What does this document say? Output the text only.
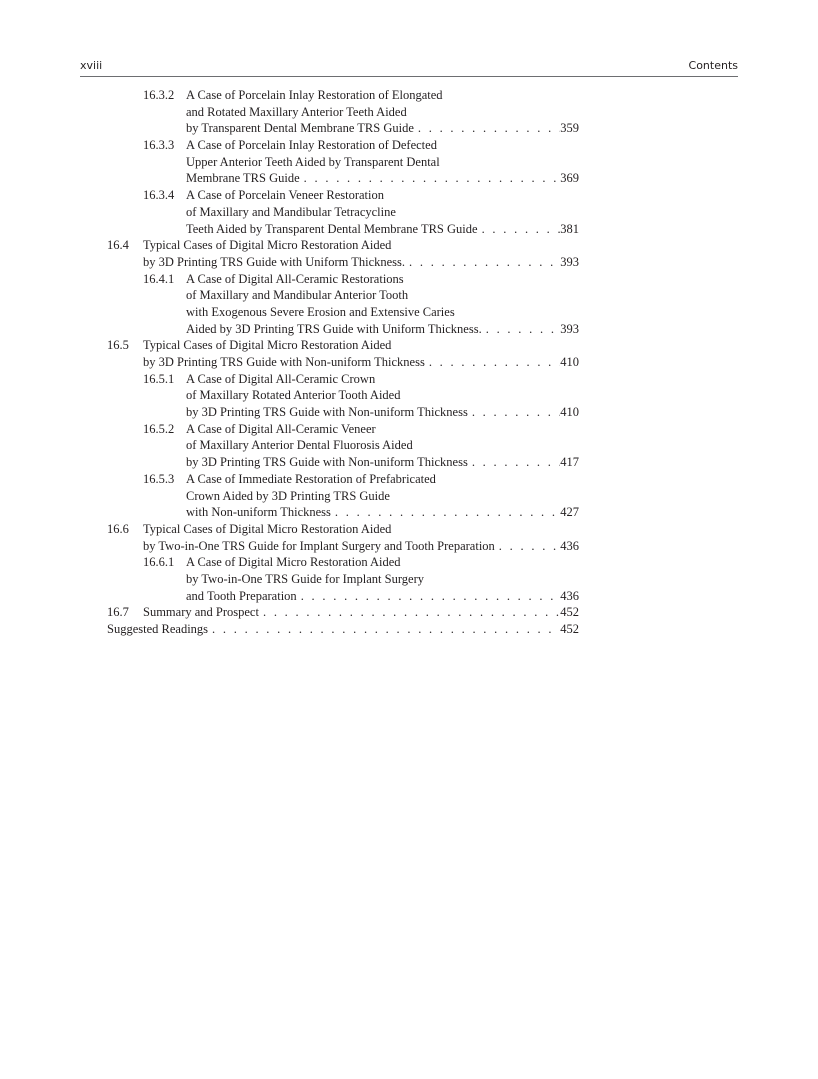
xviii	Contents
16.3.2 A Case of Porcelain Inlay Restoration of Elongated
and Rotated Maxillary Anterior Teeth Aided
by Transparent Dental Membrane TRS Guide . . .	359
16.3.3 A Case of Porcelain Inlay Restoration of Defected
Upper Anterior Teeth Aided by Transparent Dental
Membrane TRS Guide . . .	369
16.3.4 A Case of Porcelain Veneer Restoration
of Maxillary and Mandibular Tetracycline
Teeth Aided by Transparent Dental Membrane TRS Guide . . .	381
16.4 Typical Cases of Digital Micro Restoration Aided
by 3D Printing TRS Guide with Uniform Thickness. . . .	393
16.4.1 A Case of Digital All-Ceramic Restorations
of Maxillary and Mandibular Anterior Tooth
with Exogenous Severe Erosion and Extensive Caries
Aided by 3D Printing TRS Guide with Uniform Thickness. . . .	393
16.5 Typical Cases of Digital Micro Restoration Aided
by 3D Printing TRS Guide with Non-uniform Thickness . . .	410
16.5.1 A Case of Digital All-Ceramic Crown
of Maxillary Rotated Anterior Tooth Aided
by 3D Printing TRS Guide with Non-uniform Thickness . . .	410
16.5.2 A Case of Digital All-Ceramic Veneer
of Maxillary Anterior Dental Fluorosis Aided
by 3D Printing TRS Guide with Non-uniform Thickness . . .	417
16.5.3 A Case of Immediate Restoration of Prefabricated
Crown Aided by 3D Printing TRS Guide
with Non-uniform Thickness . . .	427
16.6 Typical Cases of Digital Micro Restoration Aided
by Two-in-One TRS Guide for Implant Surgery and Tooth Preparation . . .	436
16.6.1 A Case of Digital Micro Restoration Aided
by Two-in-One TRS Guide for Implant Surgery
and Tooth Preparation . . .	436
16.7 Summary and Prospect . . .	452
Suggested Readings . . .	452
